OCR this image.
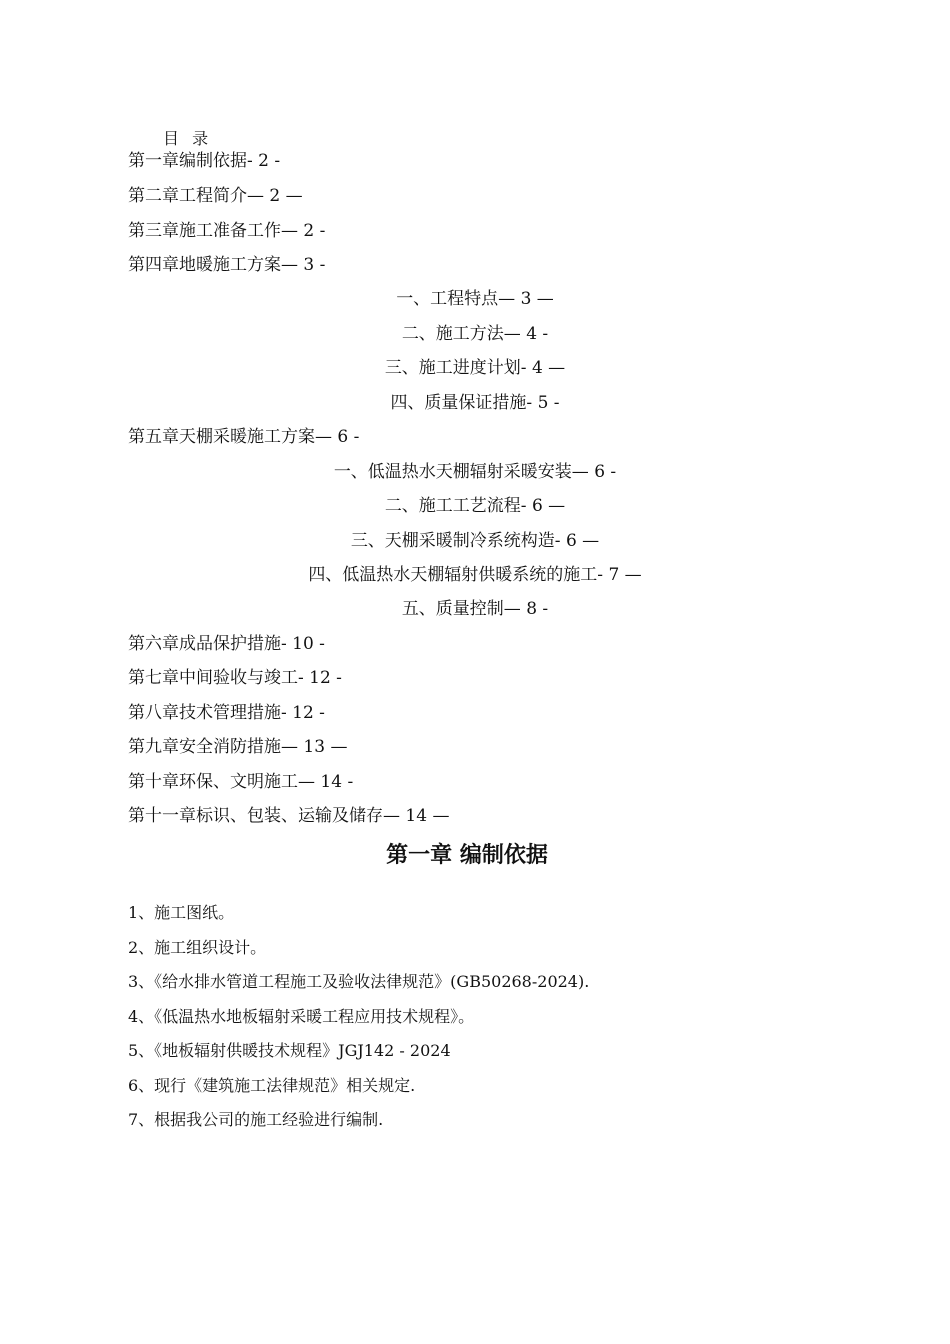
目 录
第一章编制依据- 2 -
第二章工程简介— 2 —
第三章施工准备工作— 2 -
第四章地暖施工方案— 3 -
一、工程特点— 3 —
二、施工方法— 4 -
三、施工进度计划- 4 —
四、质量保证措施- 5 -
第五章天棚采暖施工方案— 6 -
一、低温热水天棚辐射采暖安装— 6 -
二、施工工艺流程- 6 —
三、天棚采暖制冷系统构造- 6 —
四、低温热水天棚辐射供暖系统的施工- 7 —
五、质量控制— 8 -
第六章成品保护措施- 10 -
第七章中间验收与竣工- 12 -
第八章技术管理措施- 12 -
第九章安全消防措施— 13 —
第十章环保、文明施工— 14 -
第十一章标识、包装、运输及储存— 14 —
第一章 编制依据
1、施工图纸。
2、施工组织设计。
3、《给水排水管道工程施工及验收法律规范》(GB50268-2024).
4、《低温热水地板辐射采暖工程应用技术规程》。
5、《地板辐射供暖技术规程》JGJ142 - 2024
6、现行《建筑施工法律规范》相关规定.
7、根据我公司的施工经验进行编制.
